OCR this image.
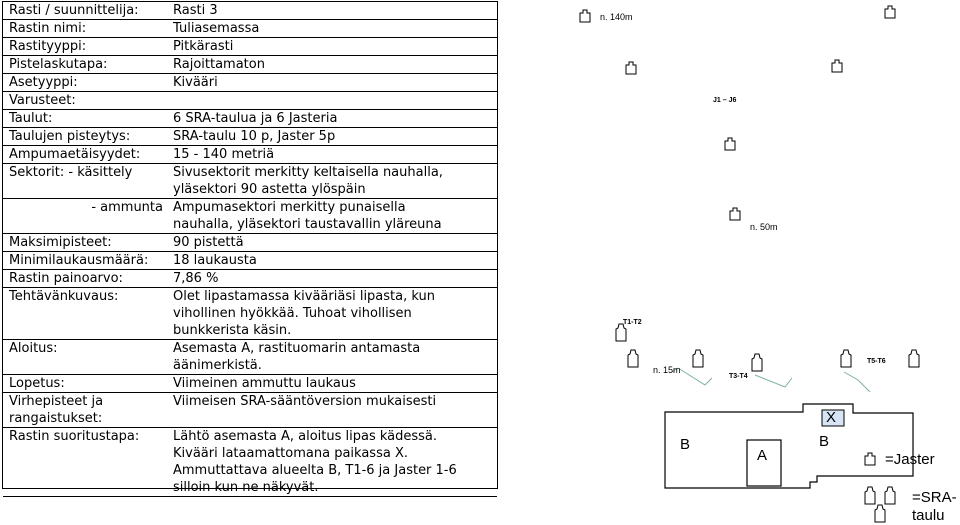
Rasti / suunnittelija:	Rasti 3
Rastin nimi:	Tuliasemassa
Rastityyppi:	Pitkärasti
Pistelaskutapa:	Rajoittamaton
Asetyyppi:	Kivääri
Varusteet:	
Taulut:	6 SRA-taulua ja 6 Jasteria
Taulujen pisteytys:	SRA-taulu 10 p, Jaster 5p
Ampumaetäisyydet:	15 - 140 metriä
Sektorit: - käsittely	Sivusektorit merkitty keltaisella nauhalla,
yläsektori 90 astetta ylöspäin
- ammunta	Ampumasektori merkitty punaisella
nauhalla, yläsektori taustavallin yläreuna
Maksimipisteet:	90 pistettä
Minimilaukausmäärä:	18 laukausta
Rastin painoarvo:	7,86 %
Tehtävänkuvaus:	Olet lipastamassa kivääriäsi lipasta, kun
vihollinen hyökkää. Tuhoat vihollisen
bunkkerista käsin.
Aloitus:	Asemasta A, rastituomarin antamasta
äänimerkistä.
Lopetus:	Viimeinen ammuttu laukaus
Virhepisteet ja
rangaistukset:	Viimeisen SRA-sääntöversion mukaisesti
Rastin suoritustapa:	Lähtö asemasta A, aloitus lipas kädessä.
Kivääri lataamattomana paikassa X.
Ammuttattava alueelta B, T1-6 ja Jaster 1-6
silloin kun ne näkyvät.
n. 140m
J1 – J6
n. 50m
T1-T2
n. 15m
T3-T4
T5-T6
B
A
X
B
=Jaster
=SRA-
taulu
